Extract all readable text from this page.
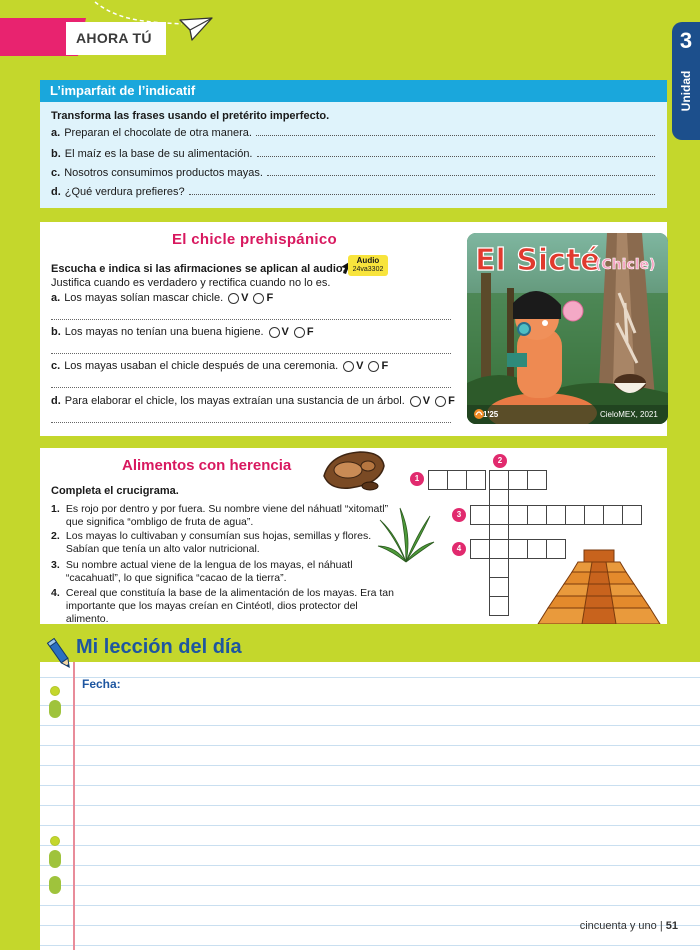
AHORA TÚ	3
Unidad
L’imparfait de l’indicatif
Transforma las frases usando el pretérito imperfecto.
a. Preparan el chocolate de otra manera.
b. El maíz es la base de su alimentación.
c. Nosotros consumimos productos mayas.
d. ¿Qué verdura prefieres?
El chicle prehispánico
Audio
24va3302
Escucha e indica si las afirmaciones se aplican al audio.
Justifica cuando es verdadero y rectifica cuando no lo es.
a. Los mayas solían mascar chicle. V F
b. Los mayas no tenían una buena higiene. V F
c. Los mayas usaban el chicle después de una ceremonia. V F
d. Para elaborar el chicle, los mayas extraían una sustancia de un árbol. V F
El Sicté
(Chicle)
1'25	CieloMEX, 2021
Alimentos con herencia
Completa el crucigrama.
1. Es rojo por dentro y por fuera. Su nombre viene del náhuatl “xitomatl” que significa “ombligo de fruta de agua”.
2. Los mayas lo cultivaban y consumían sus hojas, semillas y flores. Sabían que tenía un alto valor nutricional.
3. Su nombre actual viene de la lengua de los mayas, el náhuatl “cacahuatl”, lo que significa “cacao de la tierra”.
4. Cereal que constituía la base de la alimentación de los mayas. Era tan importante que los mayas creían en Cintéotl, dios protector del alimento.
1
2
3
4
Mi lección del día
Fecha:
cincuenta y uno | 51
